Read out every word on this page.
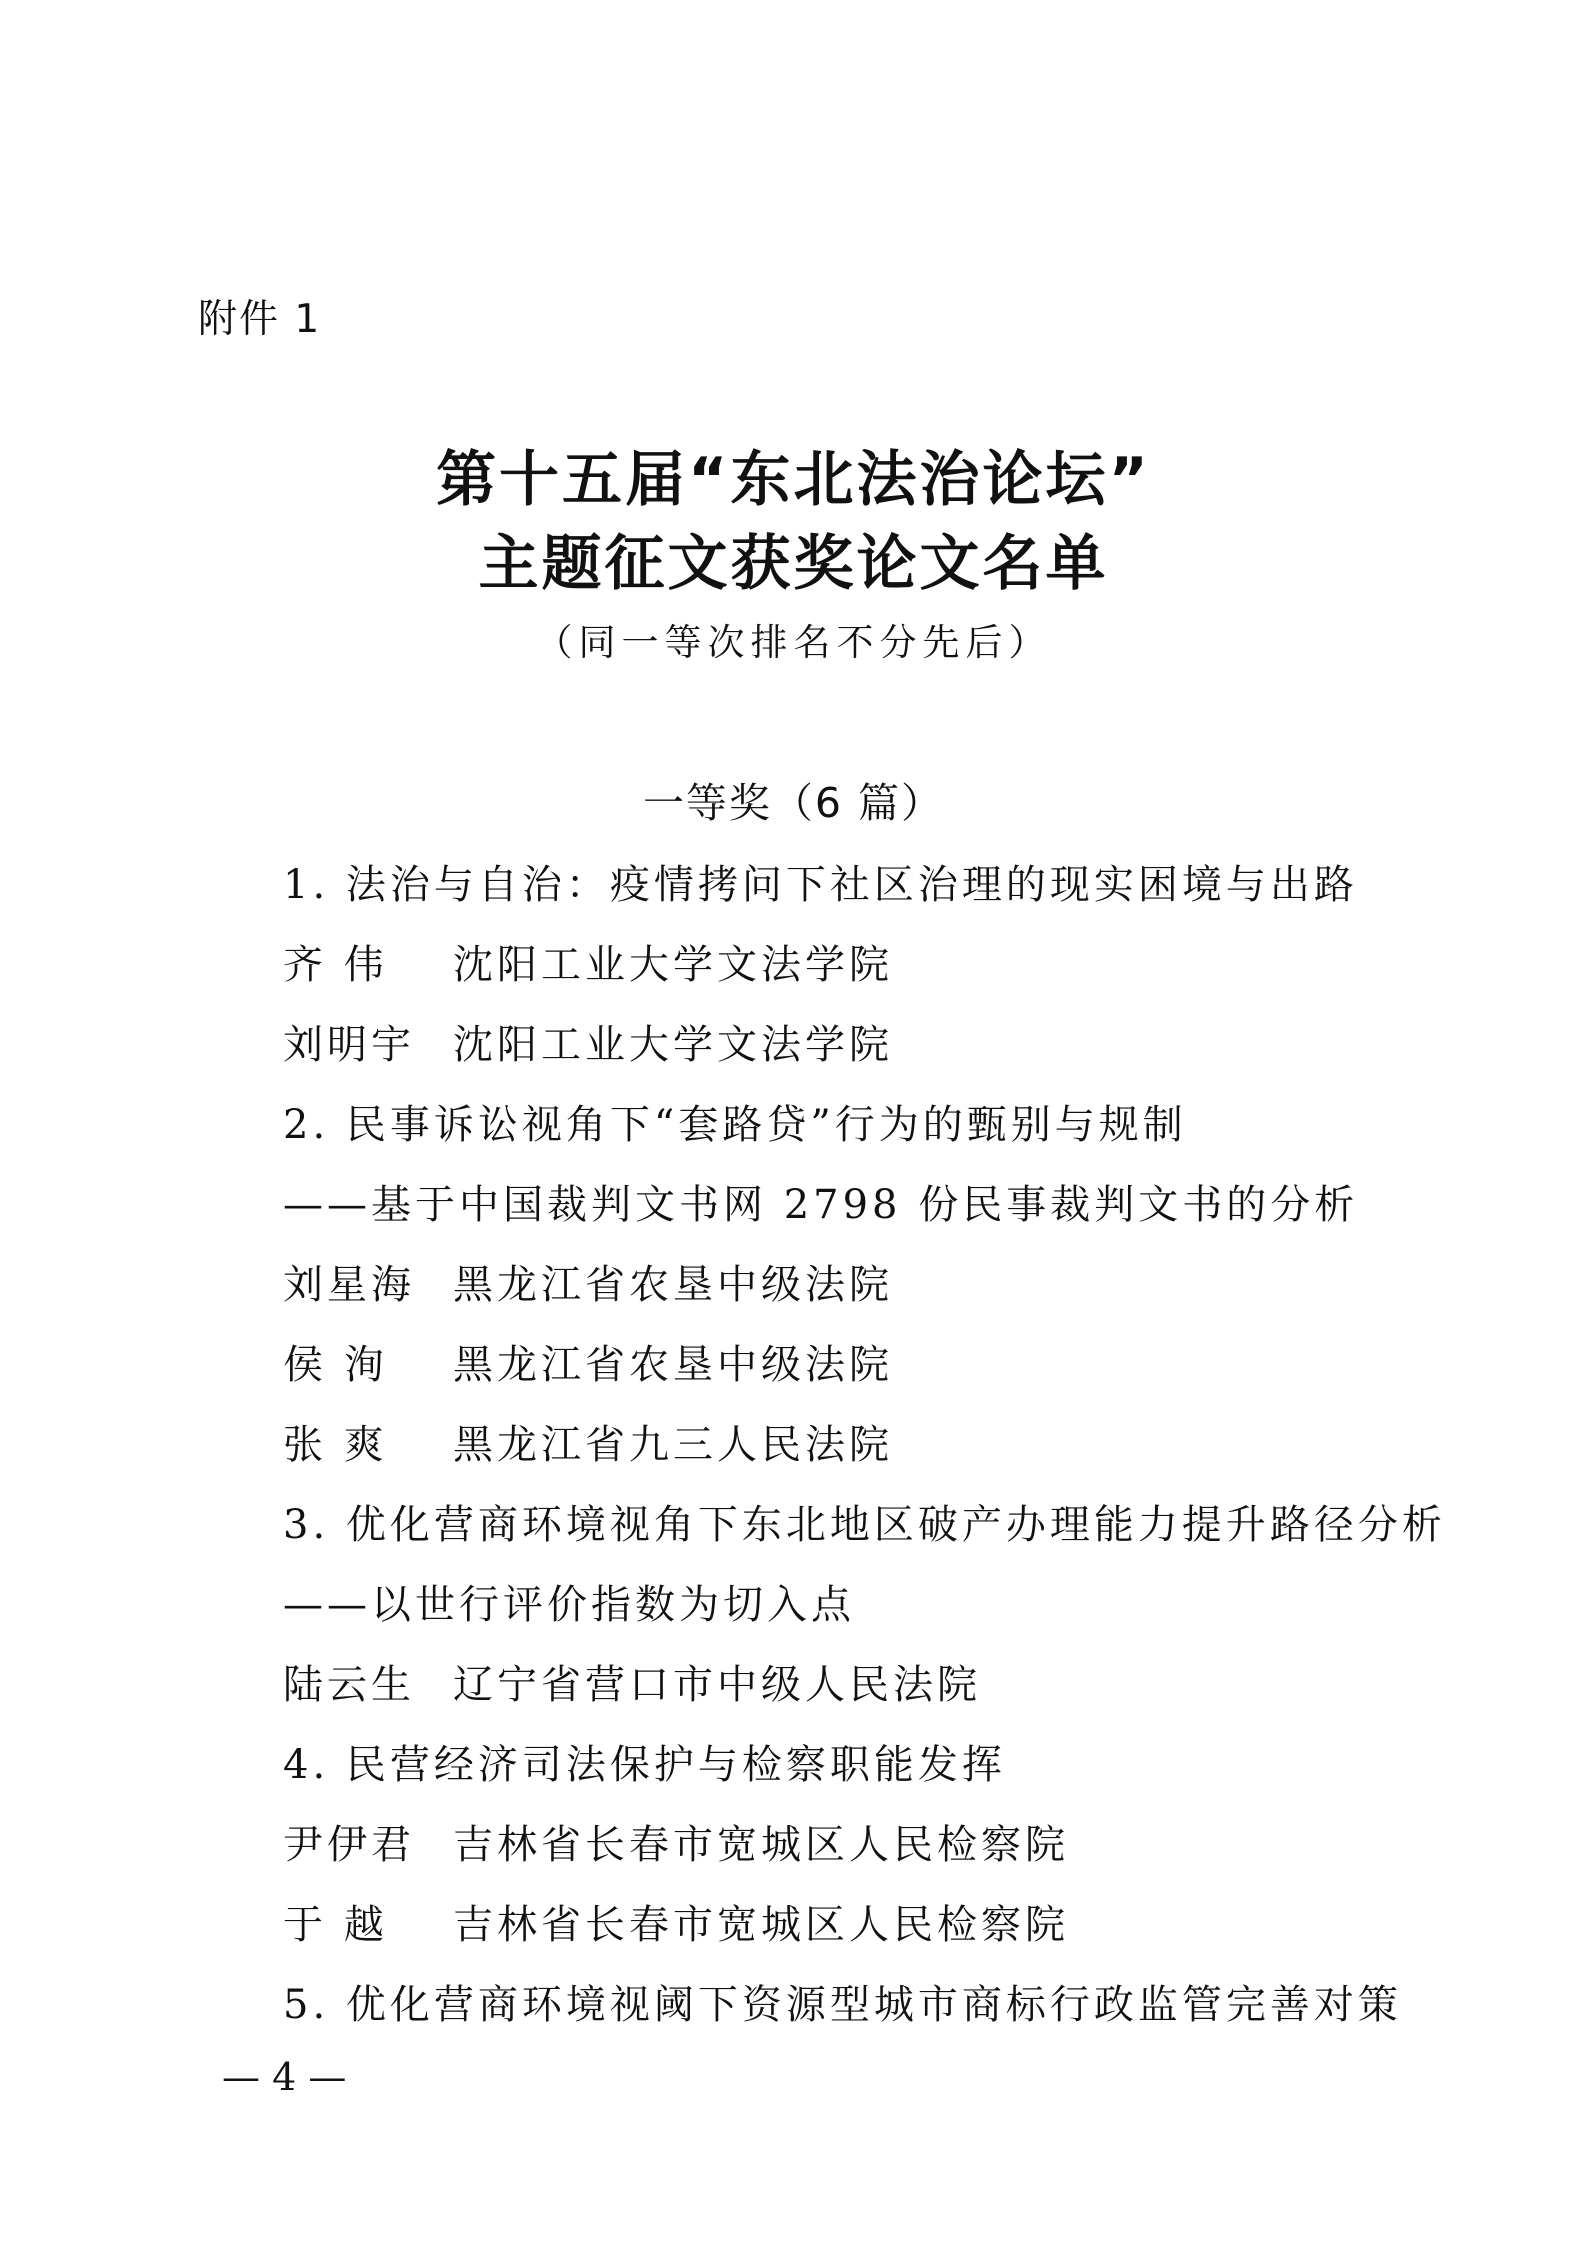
附件 1
第十五届“东北法治论坛”
主题征文获奖论文名单
（同一等次排名不分先后）
一等奖（6 篇）
1. 法治与自治：疫情拷问下社区治理的现实困境与出路
齐 伟 沈阳工业大学文法学院
刘明宇 沈阳工业大学文法学院
2. 民事诉讼视角下“套路贷”行为的甄别与规制
——基于中国裁判文书网 2798 份民事裁判文书的分析
刘星海 黑龙江省农垦中级法院
侯 洵 黑龙江省农垦中级法院
张 爽 黑龙江省九三人民法院
3. 优化营商环境视角下东北地区破产办理能力提升路径分析
——以世行评价指数为切入点
陆云生 辽宁省营口市中级人民法院
4. 民营经济司法保护与检察职能发挥
尹伊君 吉林省长春市宽城区人民检察院
于 越 吉林省长春市宽城区人民检察院
5. 优化营商环境视阈下资源型城市商标行政监管完善对策
— 4 —
